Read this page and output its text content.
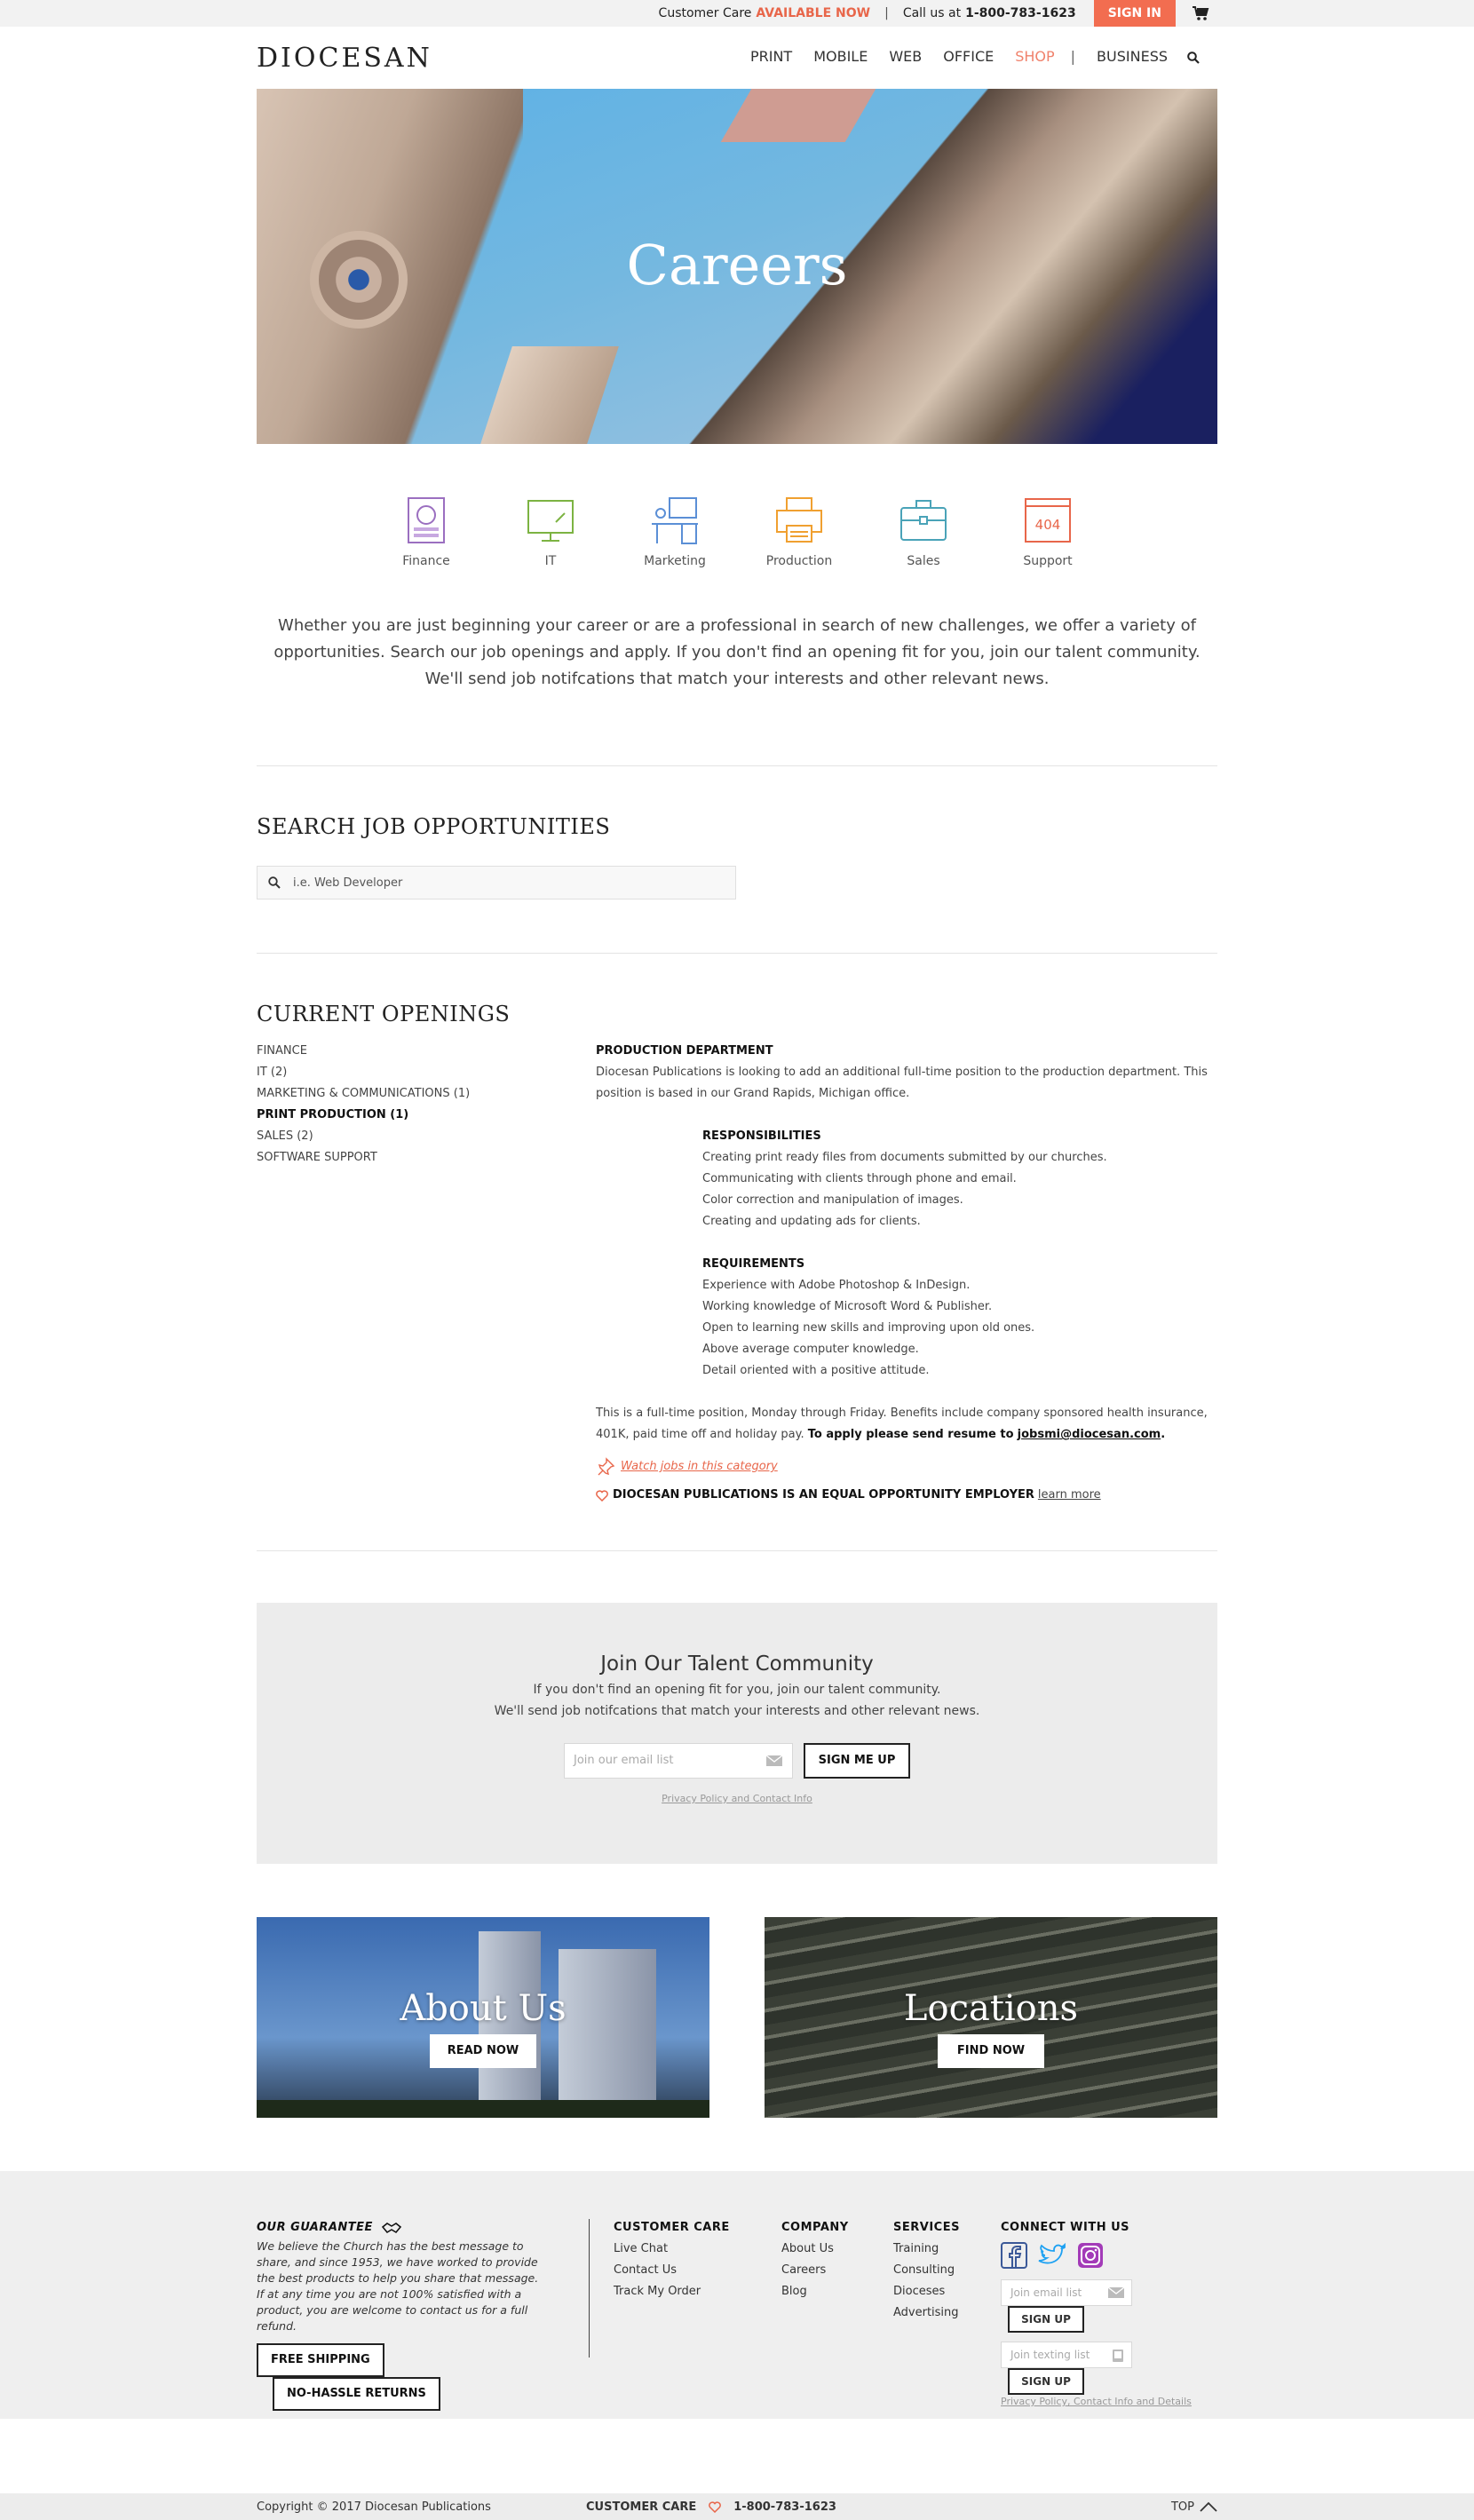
Customer Care AVAILABLE NOW | Call us at 1-800-783-1623	SIGN IN
DIOCESAN	PRINT MOBILE WEB OFFICE SHOP | BUSINESS
Careers
Finance	IT	Marketing	Production	Sales
404
Support

Whether you are just beginning your career or are a professional in search of new challenges, we offer a variety of opportunities. Search our job openings and apply. If you don't find an opening fit for you, join our talent community. We'll send job notifcations that match your interests and other relevant news.

SEARCH JOB OPPORTUNITIES
i.e. Web Developer
CURRENT OPENINGS
FINANCE
IT (2)
MARKETING & COMMUNICATIONS (1)
PRINT PRODUCTION (1)
SALES (2)
SOFTWARE SUPPORT
PRODUCTION DEPARTMENT
Diocesan Publications is looking to add an additional full-time position to the production department. This position is based in our Grand Rapids, Michigan office.
RESPONSIBILITIES
Creating print ready files from documents submitted by our churches.
Communicating with clients through phone and email.
Color correction and manipulation of images.
Creating and updating ads for clients.
REQUIREMENTS
Experience with Adobe Photoshop & InDesign.
Working knowledge of Microsoft Word & Publisher.
Open to learning new skills and improving upon old ones.
Above average computer knowledge.
Detail oriented with a positive attitude.
This is a full-time position, Monday through Friday. Benefits include company sponsored health insurance, 401K, paid time off and holiday pay. To apply please send resume to jobsmi@diocesan.com.
Watch jobs in this category
DIOCESAN PUBLICATIONS IS AN EQUAL OPPORTUNITY EMPLOYER learn more
Join Our Talent Community

If you don't find an opening fit for you, join our talent community.

We'll send job notifcations that match your interests and other relevant news.

Join our email list	SIGN ME UP
Privacy Policy and Contact Info
About Us
READ NOW
Locations
FIND NOW
OUR GUARANTEE
We believe the Church has the best message to share, and since 1953, we have worked to provide the best products to help you share that message.
If at any time you are not 100% satisfied with a product, you are welcome to contact us for a full refund.
FREE SHIPPING NO-HASSLE RETURNS
CUSTOMER CARE
Live Chat
Contact Us
Track My Order
COMPANY
About Us
Careers
Blog
SERVICES
Training
Consulting
Dioceses
Advertising
CONNECT WITH US
Join email list
SIGN UP
Join texting list
SIGN UP
Privacy Policy, Contact Info and Details
Copyright © 2017 Diocesan Publications	CUSTOMER CARE	1-800-783-1623	TOP
